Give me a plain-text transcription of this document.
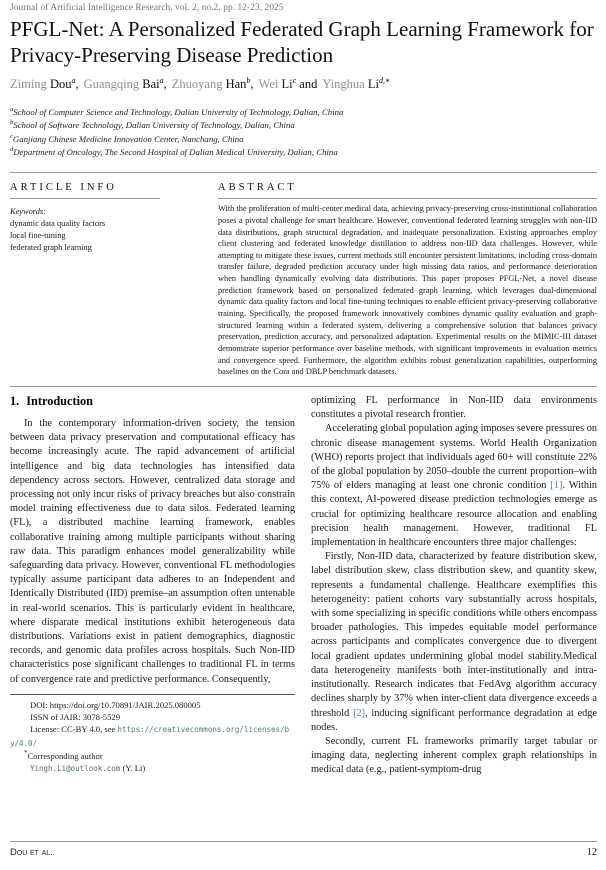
Journal of Artificial Intelligence Research, vol. 2, no.2, pp. 12-23, 2025
PFGL-Net: A Personalized Federated Graph Learning Framework for Privacy-Preserving Disease Prediction
Ziming Dou$^a$, Guangqing Bai$^a$, Zhuoyang Han$^b$, Wei Li$^c$ and Yinghua $Li^{d,∗}$
$^a$School of Computer Science and Technology, Dalian University of Technology, Dalian, China
$^b$School of Software Technology, Dalian University of Technology, Dalian, China
$^c$Ganjiang Chinese Medicine Innovation Center, Nanchang, China
$^d$Department of Oncology, The Second Hospital of Dalian Medical University, Dalian, China
ARTICLE INFO
Keywords:
dynamic data quality factors
local fine-tuning
federated graph learning
ABSTRACT

With the proliferation of multi-center medical data, achieving privacy-preserving cross-institutional collaboration poses a pivotal challenge for smart healthcare. However, conventional federated learning struggles with non-IID data distributions, graph structural degradation, and inadequate personalization. Existing approaches employ client clustering and federated knowledge distillation to address non-IID data challenges. However, while attempting to mitigate these issues, current methods still encounter persistent limitations, including cross-domain transfer failure, degraded prediction accuracy under high missing data ratios, and performance deterioration when handling dynamically evolving data distributions. This paper proposes PFGL-Net, a novel disease prediction framework based on personalized federated graph learning, which leverages dual-dimensional dynamic data quality factors and local fine-tuning techniques to enable efficient privacy-preserving collaborative training. Specifically, the proposed framework innovatively combines dynamic quality evaluation and graph-structured learning within a federated system, delivering a comprehensive solution that balances privacy preservation, prediction accuracy, and personalized adaptation. Experimental results on the MIMIC-III dataset demonstrate superior performance over baseline methods, with significant improvements in evaluation metrics and convergence speed. Furthermore, the algorithm exhibits robust generalization capabilities, outperforming baselines on the Cora and DBLP benchmark datasets.

1. Introduction

In the contemporary information-driven society, the tension between data privacy preservation and computational efficacy has become increasingly acute. The rapid advancement of artificial intelligence and big data technologies has intensified data dependency across sectors. However, centralized data storage and processing not only incur risks of privacy breaches but also constrain model training effectiveness due to data silos. Federated learning (FL), a distributed machine learning framework, enables collaborative training among multiple participants without sharing raw data. This paradigm enhances model generalizability while safeguarding data privacy. However, conventional FL methodologies typically assume participant data adheres to an Independent and Identically Distributed (IID) premise–an assumption often untenable in real-world scenarios. This is particularly evident in healthcare, where disparate medical institutions exhibit heterogeneous data distributions. Variations exist in patient demographics, diagnostic records, and genomic data profiles across hospitals. Such Non-IID characteristics pose significant challenges to traditional FL in terms of convergence rate and predictive performance. Consequently,

DOI: https://doi.org/10.70891/JAIR.2025.080005
ISSN of JAIR: 3078-5529
License: CC-BY 4.0, see https://creativecommons.org/licenses/by/4.0/
*Corresponding author
Yingh.Li@outlook.com (Y. Li)

optimizing FL performance in Non-IID data environments constitutes a pivotal research frontier.

Accelerating global population aging imposes severe pressures on chronic disease management systems. World Health Organization (WHO) reports project that individuals aged 60+ will constitute 22% of the global population by 2050–double the current proportion–with 75% of elders managing at least one chronic condition [1]. Within this context, AI-powered disease prediction technologies emerge as crucial for optimizing healthcare resource allocation and enabling precision health management. However, traditional FL implementation in healthcare encounters three major challenges:

Firstly, Non-IID data, characterized by feature distribution skew, label distribution skew, class distribution skew, and quantity skew, represents a fundamental challenge. Healthcare exemplifies this heterogeneity: patient cohorts vary substantially across hospitals, with some specializing in specific conditions while others encompass broader pathologies. This impedes equitable model performance across participants and complicates convergence due to divergent local gradient updates undermining global model stability.Medical data heterogeneity manifests both inter-institutionally and intra-institutionally. Research indicates that FedAvg algorithm accuracy declines sharply by 37% when inter-client data divergence exceeds a threshold [2], inducing significant performance degradation at edge nodes.

Secondly, current FL frameworks primarily target tabular or imaging data, neglecting inherent complex graph relationships in medical data (e.g., patient-symptom-drug

Dou et al.	12
